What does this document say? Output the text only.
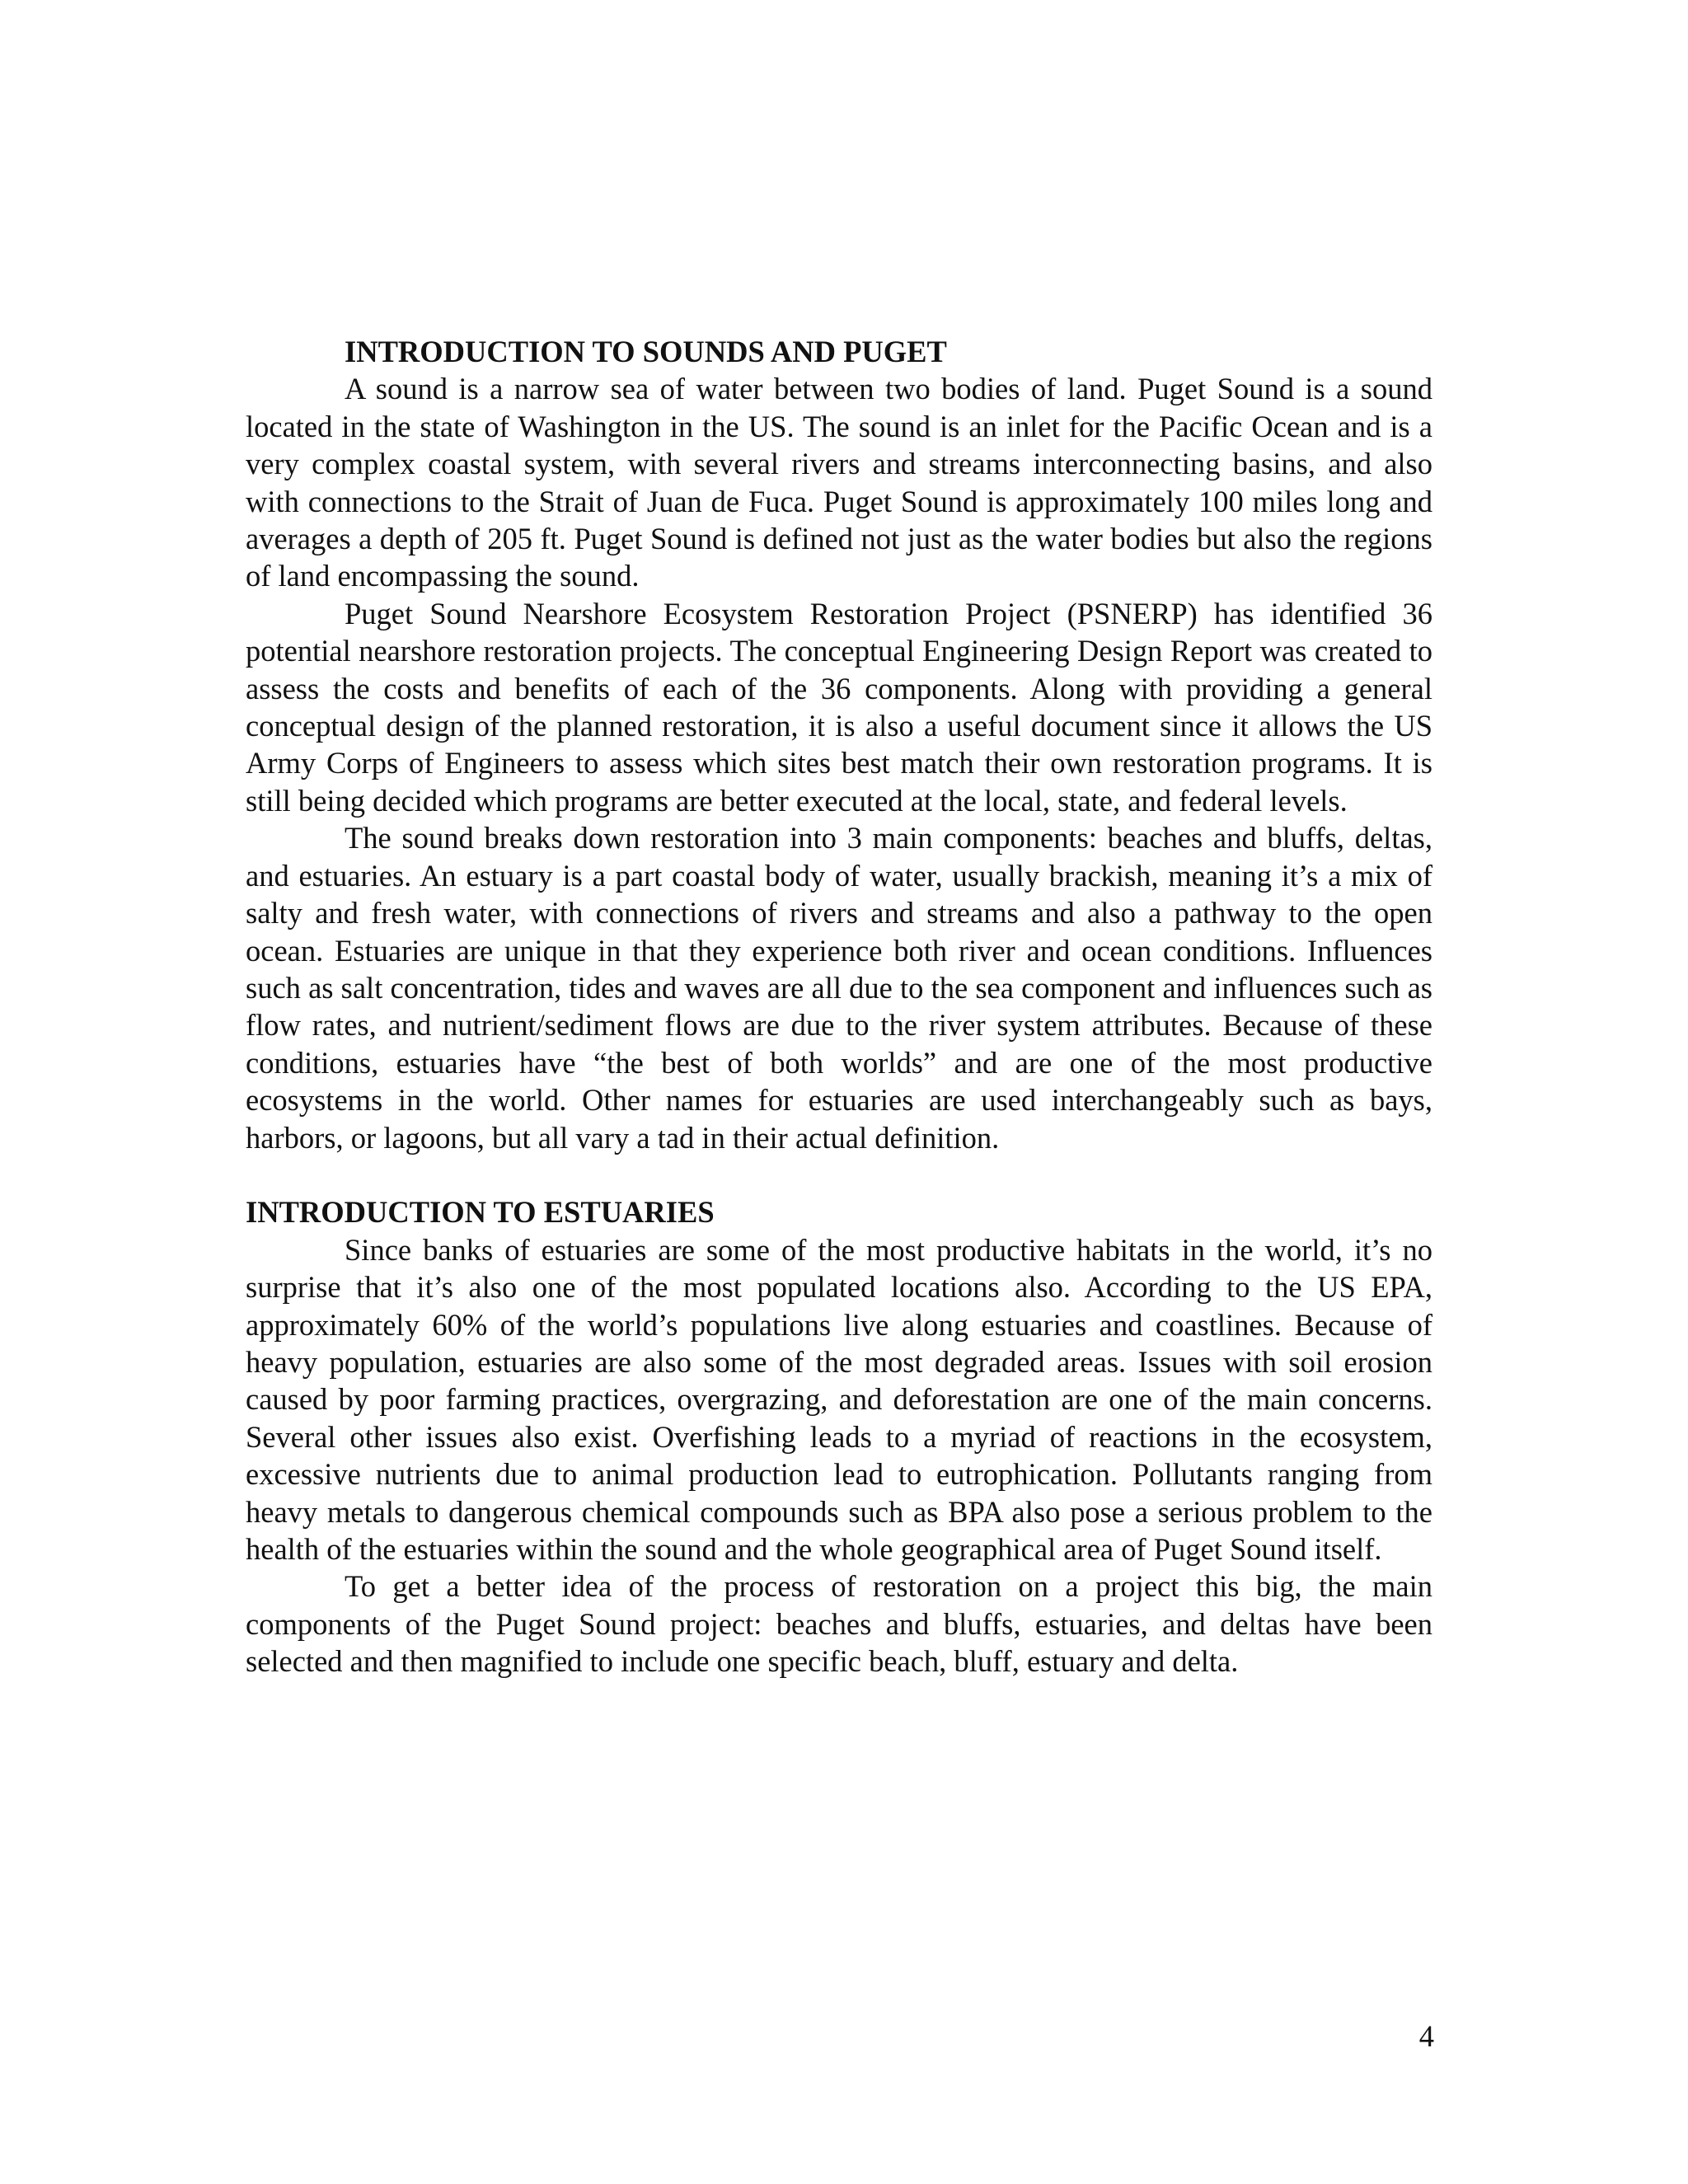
INTRODUCTION TO SOUNDS AND PUGET

A sound is a narrow sea of water between two bodies of land. Puget Sound is a sound located in the state of Washington in the US. The sound is an inlet for the Pacific Ocean and is a very complex coastal system, with several rivers and streams interconnecting basins, and also with connections to the Strait of Juan de Fuca. Puget Sound is approximately 100 miles long and averages a depth of 205 ft. Puget Sound is defined not just as the water bodies but also the regions of land encompassing the sound.

Puget Sound Nearshore Ecosystem Restoration Project (PSNERP) has identified 36 potential nearshore restoration projects. The conceptual Engineering Design Report was created to assess the costs and benefits of each of the 36 components. Along with providing a general conceptual design of the planned restoration, it is also a useful document since it allows the US Army Corps of Engineers to assess which sites best match their own restoration programs. It is still being decided which programs are better executed at the local, state, and federal levels.

The sound breaks down restoration into 3 main components: beaches and bluffs, deltas, and estuaries. An estuary is a part coastal body of water, usually brackish, meaning it’s a mix of salty and fresh water, with connections of rivers and streams and also a pathway to the open ocean. Estuaries are unique in that they experience both river and ocean conditions. Influences such as salt concentration, tides and waves are all due to the sea component and influences such as flow rates, and nutrient/sediment flows are due to the river system attributes. Because of these conditions, estuaries have “the best of both worlds” and are one of the most productive ecosystems in the world. Other names for estuaries are used interchangeably such as bays, harbors, or lagoons, but all vary a tad in their actual definition.

INTRODUCTION TO ESTUARIES

Since banks of estuaries are some of the most productive habitats in the world, it’s no surprise that it’s also one of the most populated locations also. According to the US EPA, approximately 60% of the world’s populations live along estuaries and coastlines. Because of heavy population, estuaries are also some of the most degraded areas. Issues with soil erosion caused by poor farming practices, overgrazing, and deforestation are one of the main concerns. Several other issues also exist. Overfishing leads to a myriad of reactions in the ecosystem, excessive nutrients due to animal production lead to eutrophication. Pollutants ranging from heavy metals to dangerous chemical compounds such as BPA also pose a serious problem to the health of the estuaries within the sound and the whole geographical area of Puget Sound itself.

To get a better idea of the process of restoration on a project this big, the main components of the Puget Sound project: beaches and bluffs, estuaries, and deltas have been selected and then magnified to include one specific beach, bluff, estuary and delta.

4
